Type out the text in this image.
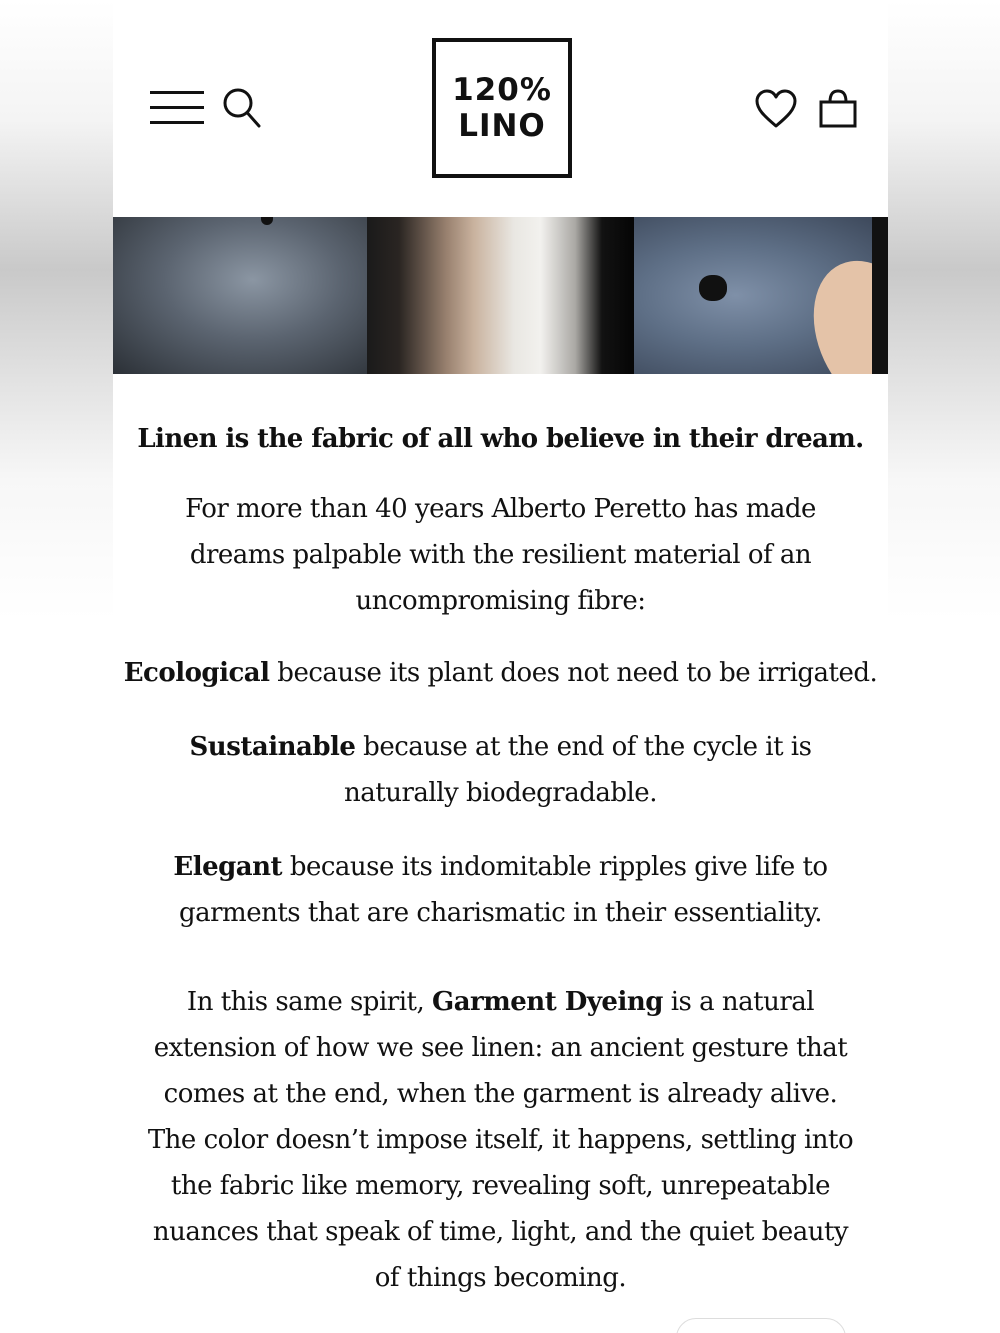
120%
LINO
Linen is the fabric of all who believe in their dream.

For more than 40 years Alberto Peretto has made dreams palpable with the resilient material of an uncompromising fibre:

Ecological because its plant does not need to be irrigated.

Sustainable because at the end of the cycle it is naturally biodegradable.

Elegant because its indomitable ripples give life to garments that are charismatic in their essentiality.

In this same spirit, Garment Dyeing is a natural extension of how we see linen: an ancient gesture that comes at the end, when the garment is already alive. The color doesn’t impose itself, it happens, settling into the fabric like memory, revealing soft, unrepeatable nuances that speak of time, light, and the quiet beauty of things becoming.
